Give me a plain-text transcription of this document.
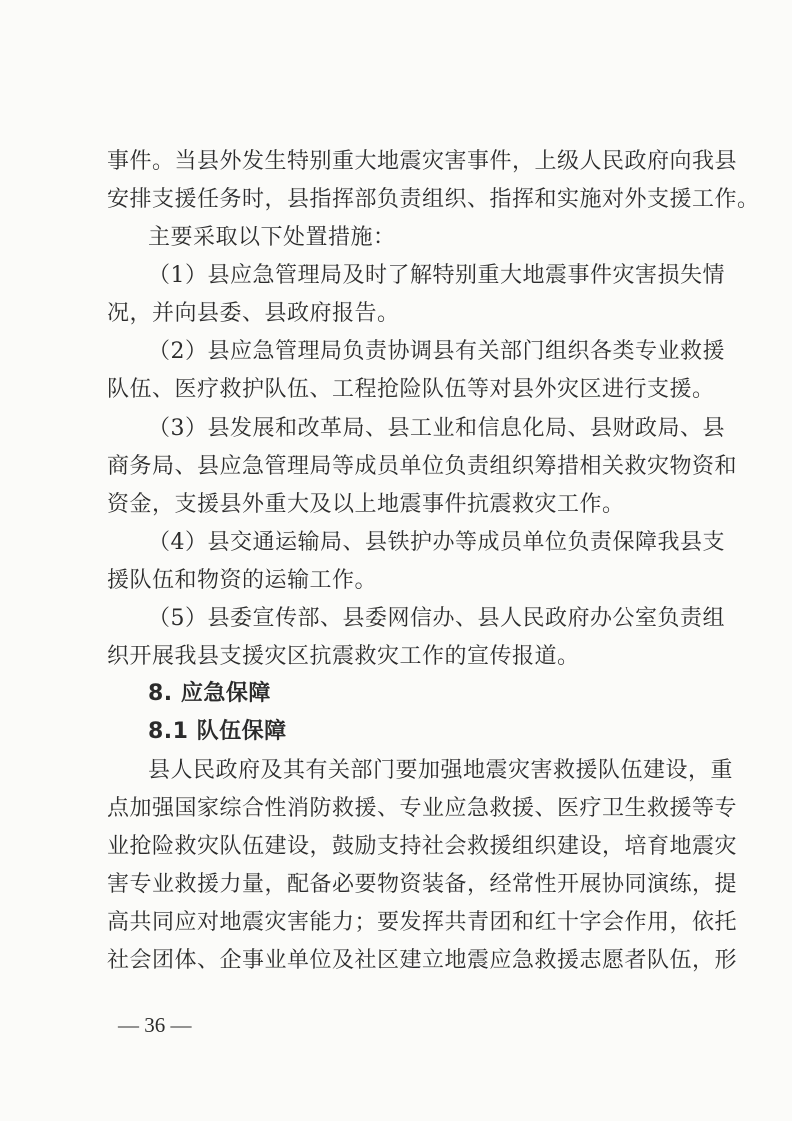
事件。当县外发生特别重大地震灾害事件，上级人民政府向我县
安排支援任务时，县指挥部负责组织、指挥和实施对外支援工作。
主要采取以下处置措施：
（1）县应急管理局及时了解特别重大地震事件灾害损失情
况，并向县委、县政府报告。
（2）县应急管理局负责协调县有关部门组织各类专业救援
队伍、医疗救护队伍、工程抢险队伍等对县外灾区进行支援。
（3）县发展和改革局、县工业和信息化局、县财政局、县
商务局、县应急管理局等成员单位负责组织筹措相关救灾物资和
资金，支援县外重大及以上地震事件抗震救灾工作。
（4）县交通运输局、县铁护办等成员单位负责保障我县支
援队伍和物资的运输工作。
（5）县委宣传部、县委网信办、县人民政府办公室负责组
织开展我县支援灾区抗震救灾工作的宣传报道。
8. 应急保障
8.1 队伍保障
县人民政府及其有关部门要加强地震灾害救援队伍建设，重
点加强国家综合性消防救援、专业应急救援、医疗卫生救援等专
业抢险救灾队伍建设，鼓励支持社会救援组织建设，培育地震灾
害专业救援力量，配备必要物资装备，经常性开展协同演练，提
高共同应对地震灾害能力；要发挥共青团和红十字会作用，依托
社会团体、企事业单位及社区建立地震应急救援志愿者队伍，形
— 36 —
